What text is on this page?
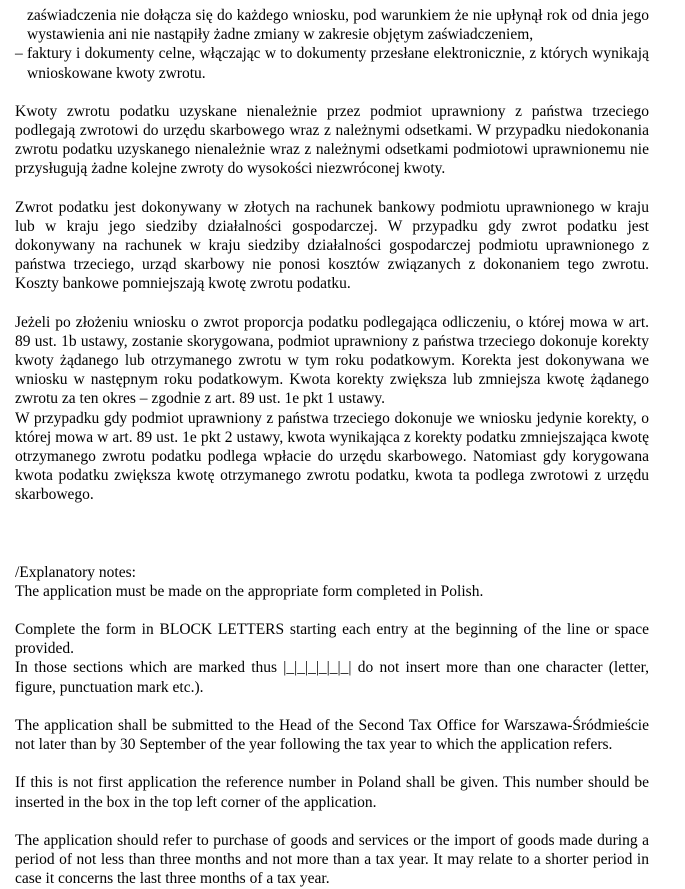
zaświadczenia nie dołącza się do każdego wniosku, pod warunkiem że nie upłynął rok od dnia jego wystawienia ani nie nastąpiły żadne zmiany w zakresie objętym zaświadczeniem,

– faktury i dokumenty celne, włączając w to dokumenty przesłane elektronicznie, z których wynikają wnioskowane kwoty zwrotu.

Kwoty zwrotu podatku uzyskane nienależnie przez podmiot uprawniony z państwa trzeciego podlegają zwrotowi do urzędu skarbowego wraz z należnymi odsetkami. W przypadku niedokonania zwrotu podatku uzyskanego nienależnie wraz z należnymi odsetkami podmiotowi uprawnionemu nie przysługują żadne kolejne zwroty do wysokości niezwróconej kwoty.

Zwrot podatku jest dokonywany w złotych na rachunek bankowy podmiotu uprawnionego w kraju lub w kraju jego siedziby działalności gospodarczej. W przypadku gdy zwrot podatku jest dokonywany na rachunek w kraju siedziby działalności gospodarczej podmiotu uprawnionego z państwa trzeciego, urząd skarbowy nie ponosi kosztów związanych z dokonaniem tego zwrotu. Koszty bankowe pomniejszają kwotę zwrotu podatku.

Jeżeli po złożeniu wniosku o zwrot proporcja podatku podlegająca odliczeniu, o której mowa w art. 89 ust. 1b ustawy, zostanie skorygowana, podmiot uprawniony z państwa trzeciego dokonuje korekty kwoty żądanego lub otrzymanego zwrotu w tym roku podatkowym. Korekta jest dokonywana we wniosku w następnym roku podatkowym. Kwota korekty zwiększa lub zmniejsza kwotę żądanego zwrotu za ten okres – zgodnie z art. 89 ust. 1e pkt 1 ustawy.

W przypadku gdy podmiot uprawniony z państwa trzeciego dokonuje we wniosku jedynie korekty, o której mowa w art. 89 ust. 1e pkt 2 ustawy, kwota wynikająca z korekty podatku zmniejszająca kwotę otrzymanego zwrotu podatku podlega wpłacie do urzędu skarbowego. Natomiast gdy korygowana kwota podatku zwiększa kwotę otrzymanego zwrotu podatku, kwota ta podlega zwrotowi z urzędu skarbowego.

/Explanatory notes:

The application must be made on the appropriate form completed in Polish.

Complete the form in BLOCK LETTERS starting each entry at the beginning of the line or space provided.

In those sections which are marked thus |_|_|_|_|_|_| do not insert more than one character (letter, figure, punctuation mark etc.).

The application shall be submitted to the Head of the Second Tax Office for Warszawa-Śródmieście not later than by 30 September of the year following the tax year to which the application refers.

If this is not first application the reference number in Poland shall be given. This number should be inserted in the box in the top left corner of the application.

The application should refer to purchase of goods and services or the import of goods made during a period of not less than three months and not more than a tax year. It may relate to a shorter period in case it concerns the last three months of a tax year.
